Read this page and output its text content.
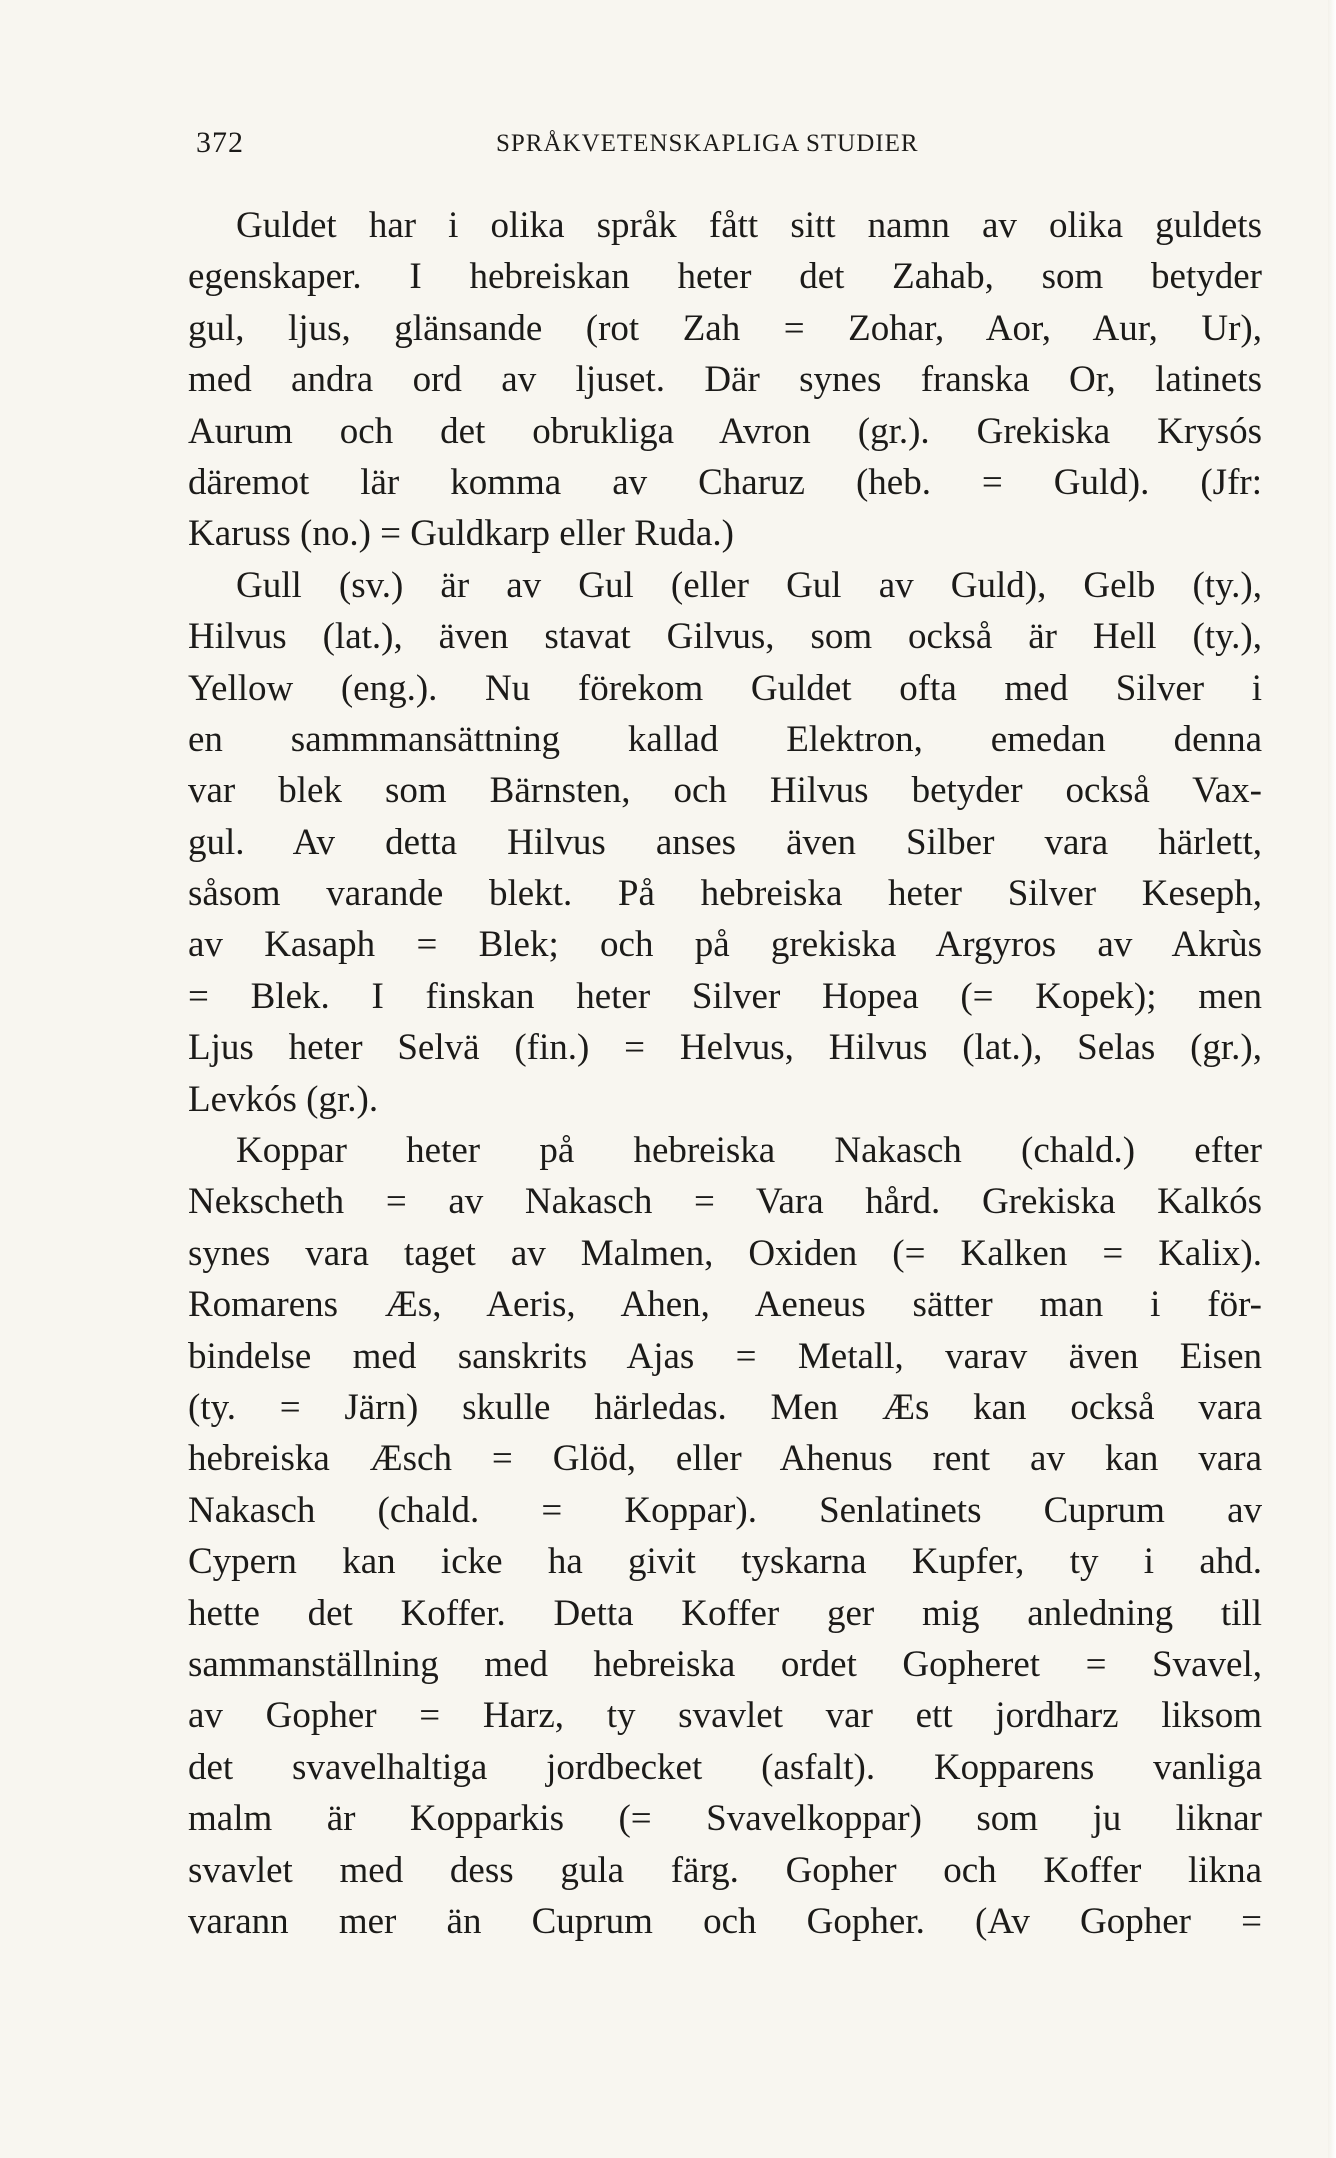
372	SPRÅKVETENSKAPLIGA STUDIER
Guldet har i olika språk fått sitt namn av olika guldets
egenskaper. I hebreiskan heter det Zahab, som betyder
gul, ljus, glänsande (rot Zah = Zohar, Aor, Aur, Ur),
med andra ord av ljuset. Där synes franska Or, latinets
Aurum och det obrukliga Avron (gr.). Grekiska Krysós
däremot lär komma av Charuz (heb. = Guld). (Jfr:
Karuss (no.) = Guldkarp eller Ruda.)
Gull (sv.) är av Gul (eller Gul av Guld), Gelb (ty.),
Hilvus (lat.), även stavat Gilvus, som också är Hell (ty.),
Yellow (eng.). Nu förekom Guldet ofta med Silver i
en sammmansättning kallad Elektron, emedan denna
var blek som Bärnsten, och Hilvus betyder också Vax-
gul. Av detta Hilvus anses även Silber vara härlett,
såsom varande blekt. På hebreiska heter Silver Keseph,
av Kasaph = Blek; och på grekiska Argyros av Akrùs
= Blek. I finskan heter Silver Hopea (= Kopek); men
Ljus heter Selvä (fin.) = Helvus, Hilvus (lat.), Selas (gr.),
Levkós (gr.).
Koppar heter på hebreiska Nakasch (chald.) efter
Nekscheth = av Nakasch = Vara hård. Grekiska Kalkós
synes vara taget av Malmen, Oxiden (= Kalken = Kalix).
Romarens Æs, Aeris, Ahen, Aeneus sätter man i för-
bindelse med sanskrits Ajas = Metall, varav även Eisen
(ty. = Järn) skulle härledas. Men Æs kan också vara
hebreiska Æsch = Glöd, eller Ahenus rent av kan vara
Nakasch (chald. = Koppar). Senlatinets Cuprum av
Cypern kan icke ha givit tyskarna Kupfer, ty i ahd.
hette det Koffer. Detta Koffer ger mig anledning till
sammanställning med hebreiska ordet Gopheret = Svavel,
av Gopher = Harz, ty svavlet var ett jordharz liksom
det svavelhaltiga jordbecket (asfalt). Kopparens vanliga
malm är Kopparkis (= Svavelkoppar) som ju liknar
svavlet med dess gula färg. Gopher och Koffer likna
varann mer än Cuprum och Gopher. (Av Gopher =
